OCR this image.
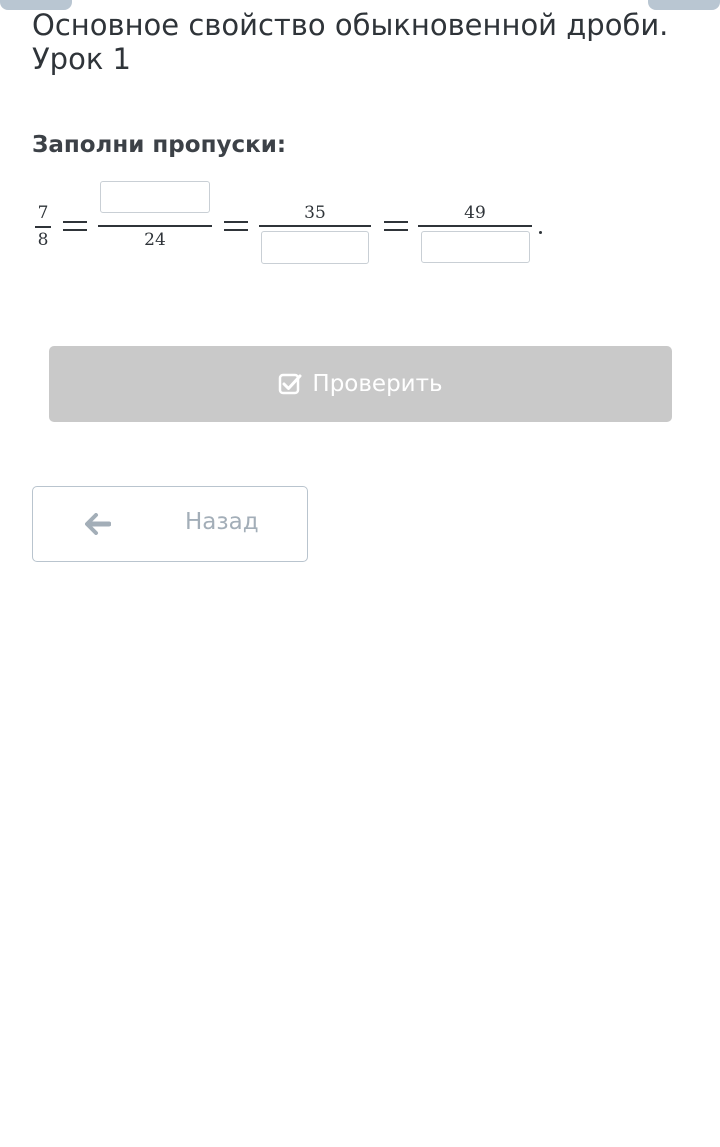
Основное свойство обыкновенной дроби.
Урок 1
Заполни пропуски:
7
8	24
35	49
Проверить
Назад
